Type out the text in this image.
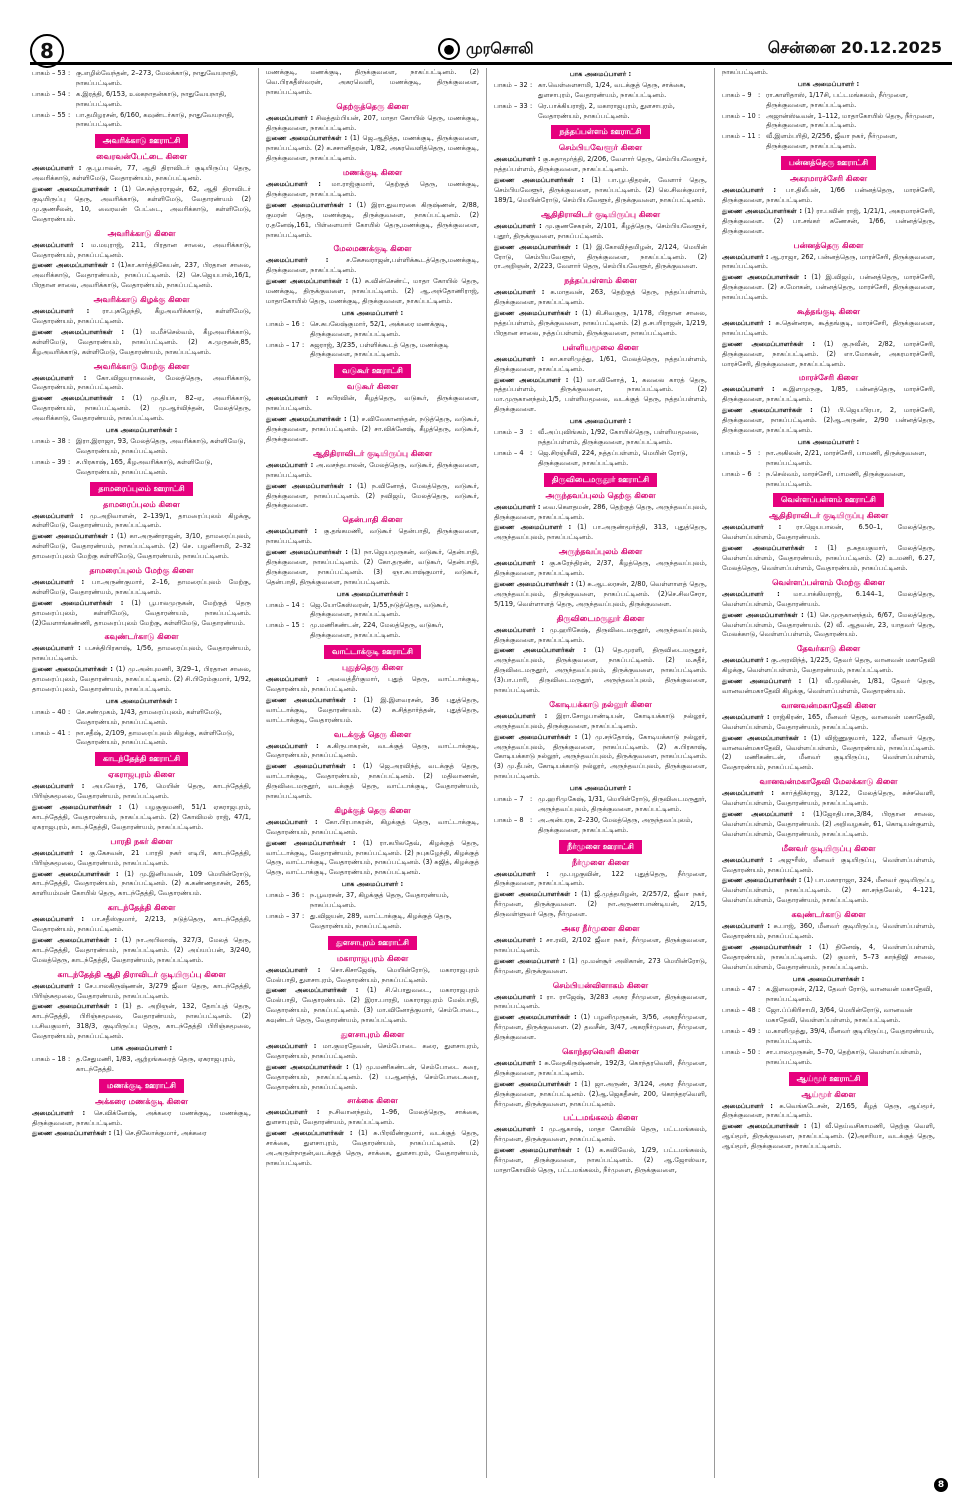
8	முரசொலி	சென்னை 20.12.2025
பாகம் – 53 : கு.எழில்வேந்தன், 2–273, மேலக்காடு, நாதுவேயநாதி, நாகப்பட்டினம்.
பாகம் – 54 : க.இரத்தி, 6/153, உலகநாதன்காடு, நாதுவேயநாதி, நாகப்பட்டினம்.
பாகம் – 55 : பா.தமிழரசன், 6/160, கவுண்டர்காடு, நாதுவேயநாதி, நாகப்பட்டினம்.
அவரிக்காடு ஊராட்சி
வைரவன்பேட்டை கிளை
அமைப்பாளர் : கு.பூபாலன், 77, ஆதி திராவிடர் குடியிருப்பு தெரு, அவரிக்காடு, கள்ளிமேடு, வேதாரண்யம், நாகப்பட்டினம்.
துணை அமைப்பாளர்கள் : (1) செ.சுந்தரராஜன், 62, ஆதி திராவிடர் குடியிருப்பு தெரு, அவரிக்காடு, கள்ளிமேடு, வேதாரண்யம் (2) மு.குணசீலன், 10, வைரவன் பேட்டை, அவரிக்காடு, கள்ளிமேடு, வேதாரண்யம்.
அவரிக்காடு கிளை
அமைப்பாளர் : ம.மயுராஜ், 211, பிரதான சாலை, அவரிக்காடு, வேதாரண்யம், நாகப்பட்டினம்.
துணை அமைப்பாளர்கள் : (1)கா.கார்த்திகேயன், 237, பிரதான சாலை, அவரிக்காடு, வேதாரண்யம், நாகப்பட்டினம். (2) செ.ஜெயபால்,16/1, பிரதான சாலை, அவரிக்காடு, வேதாரண்யம், நாகப்பட்டினம்.
அவரிக்காடு கிழக்கு கிளை
அமைப்பாளர் : ரா.புகழேந்தி, கீழஅவரிக்காடு, கள்ளிமேடு, வேதாரண்யம், நாகப்பட்டினம்.
துணை அமைப்பாளர்கள் : (1) ம.மீச்செல்வம், கீழஅவரிக்காடு, கள்ளிமேடு, வேதாரண்யம், நாகப்பட்டினம். (2) க.முருகன்,85, கீழஅவரிக்காடு, கள்ளிமேடு, வேதாரண்யம், நாகப்பட்டினம்.
அவரிக்காடு மேற்கு கிளை
அமைப்பாளர் : கோ.விஜயராகவன், மேலத்தெரு, அவரிக்காடு, வேதாரண்யம், நாகப்பட்டினம்.
துணை அமைப்பாளர்கள் : (1) மு.தியா, 82–ஏ, அவரிக்காடு, வேதாரண்யம், நாகப்பட்டினம். (2) மு.ஆர்விந்தன், மேலத்தெரு, அவரிக்காடு, வேதாரண்யம், நாகப்பட்டினம்.
பாக அமைப்பாளர்கள் :
பாகம் – 38 : இரா.இராஜா, 93, மேலத்தெரு, அவரிக்காடு, கள்ளிமேடு, வேதாரண்யம், நாகப்பட்டினம்.
பாகம் – 39 : ச.பிரகாஷ், 165, கீழஅவரிக்காடு, கள்ளிமேடு, வேதாரண்யம், நாகப்பட்டினம்.
தாமரைப்புலம் ஊராட்சி
தாமரைப்புலம் கிளை
அமைப்பாளர் : மு.அறிவாளன், 2–139/1, தாமரைப்புலம் கிழக்கு, கள்ளிமேடு, வேதாரண்யம், நாகப்பட்டினம்.
துணை அமைப்பாளர்கள் : (1) கா.அருண்ராஜன், 3/10, தாமரைப்புலம், கள்ளிமேடு, வேதாரண்யம், நாகப்பட்டினம். (2) செ. பழனிசாமி, 2–32 தாமரைப்புலம் மேற்கு கள்ளிமேடு, வேதாரண்யம், நாகப்பட்டினம்.
தாமரைப்புலம் மேற்கு கிளை
அமைப்பாளர் : பா.அருண்குமார், 2–16, தாமரைப்புலம் மேற்கு, கள்ளிமேடு, வேதாரண்யம், நாகப்பட்டினம்.
துணை அமைப்பாளர்கள் : (1) பூபாலமுருகன், மேற்குத் தெரு தாமரைப்புலம், கள்ளிமேடு, வேதாரண்யம், நாகப்பட்டினம். (2)வேளாங்கண்ணி, தாமரைப்புலம் மேற்கு, கள்ளிமேடு, வேதாரண்யம்.
கவுண்டர்காடு கிளை
அமைப்பாளர் : ப.சக்திபிரகாஷ், 1/56, தாமரைப்புலம், வேதாரண்யம், நாகப்பட்டினம்.
துணை அமைப்பாளர்கள் : (1) மு.அன்புமணி, 3/29–1, பிரதான சாலை, தாமரைப்புலம், வேதாரண்யம், நாகப்பட்டினம். (2) சி.பிரேம்குமார், 1/92, தாமரைப்புலம், வேதாரண்யம், நாகப்பட்டினம்.
பாக அமைப்பாளர்கள் :
பாகம் – 40 : செ.சண்முகம், 1/43, தாமரைப்புலம், கள்ளிமேடு, வேதாரண்யம், நாகப்பட்டினம்.
பாகம் – 41 : நா.சதீஷ், 2/109, தாமரைப்புலம் கிழக்கு, கள்ளிமேடு, வேதாரண்யம், நாகப்பட்டினம்.
காடந்தேத்தி ஊராட்சி
ஏகராஜபுரம் கிளை
அமைப்பாளர் : அயலோத், 176, மெயின் தெரு, காடந்தேத்தி, பிரிஞ்சுமூலை, வேதாரண்யம், நாகப்பட்டினம்.
துணை அமைப்பாளர்கள் : (1) பழகுகுமணி, 51/1 ஏகராஜபுரம், காடந்தேத்தி, வேதாரண்யம், நாகப்பட்டினம். (2) கோவிமல் ராஜ், 47/1, ஏகராஜபுரம், காடந்தேத்தி, வேதாரண்யம், நாகப்பட்டினம்.
பாரதி நகர் கிளை
அமைப்பாளர் : கு.கேசவன், 21 பாரதி நகர் எடிபி, காடந்தேத்தி, பிரிஞ்சுமூலை, வேதாரண்யம், நாகப்பட்டினம்.
துணை அமைப்பாளர்கள் : (1) மு.இனியவன், 109 மெயின்ரோடு, காடந்தேத்தி, வேதாரண்யம், நாகப்பட்டினம். (2) க.கண்ணதாசன், 265, காளியம்மன் கோயில் தெரு, காடந்தேத்தி, வேதாரண்யம்.
காடந்தேத்தி கிளை
அமைப்பாளர் : பா.சதீஸ்குமார், 2/213, நடுத்தெரு, காடந்தேத்தி, வேதாரண்யம், நாகப்பட்டினம்.
துணை அமைப்பாளர்கள் : (1) நா.அபிலாஷ், 327/3, மேலத் தெரு, காடந்தேத்தி, வேதாரண்யம், நாகப்பட்டினம். (2) அய்யப்பன், 3/240, மேலத்தெரு, காடந்தேத்தி, வேதாரண்யம், நாகப்பட்டினம்.
காடந்தேத்தி ஆதி திராவிடர் குடியிருப்பு கிளை
அமைப்பாளர் : சே.பாலகிருஷ்ணன், 3/279 ஜீவா தெரு, காடந்தேத்தி, பிரிஞ்சுமூலை, வேதாரண்யம், நாகப்பட்டினம்.
துணை அமைப்பாளர்கள் : (1) த. அறிஞன், 132, தோப்புத் தெரு, காடந்தேத்தி, பிரிஞ்சுமூலை, வேதாரண்யம், நாகப்பட்டினம். (2) ப.சிவகுமார், 318/3, குடியிருப்பு தெரு, காடந்தேத்தி பிரிஞ்சுமூலை, வேதாரண்யம், நாகப்பட்டினம்.
பாக அமைப்பாளர் :
பாகம் – 18 : த.சேதுமணி, 1/83, ஆற்றங்கரைத் தெரு, ஏகராஜபுரம், காடந்தேத்தி.
மணக்குடி ஊராட்சி
அக்கரை மணக்குடி கிளை
அமைப்பாளர் : செ.விக்னேஷ், அக்கரை மணக்குடி, மணக்குடி, திருக்குவளை, நாகப்பட்டினம்.
துணை அமைப்பாளர்கள் : (1) செ.திலோக்குமார், அக்கரை
மணக்குடி, மணக்குடி, திருக்குவளை, நாகப்பட்டினம். (2) வெ.பிரகதீஸ்வரன், அகரவெளி, மணக்குடி, திருக்குவளை, நாகப்பட்டினம்.
தெற்குத்தெரு கிளை
அமைப்பாளர் : சிலத்தம்பியன், 207, மாதா கோயில் தெரு, மணக்குடி, திருக்குவளை, நாகப்பட்டினம்.
துணை அமைப்பாளர்கள் : (1) ஜெ.ஆதித்த, மணக்குடி, திருக்குவளை, நாகப்பட்டினம். (2) க.சசானிதரன், 1/82, அகரவெளித்தெரு, மணக்குடி, திருக்குவளை, நாகப்பட்டினம்.
மணக்குடி கிளை
அமைப்பாளர் : மா.ராஜ்குமார், தெற்குத் தெரு, மணக்குடி, திருக்குவளை, நாகப்பட்டினம்.
துணை அமைப்பாளர்கள் : (1) இரா.துவாரகை கிருஷ்ணன், 2/88, குமரன் தெரு, மணக்குடி, திருக்குவளை, நாகப்பட்டினம். (2) ர.தனேஷ்,161, பிள்ளையார் கோயில் தெரு,மணக்குடி, திருக்குவளை, நாகப்பட்டினம்.
மேலமணக்குடி கிளை
அமைப்பாளர் :	ச.கேசவராஜன்,பள்ளிக்கூடத்தெரு,மணக்குடி, திருக்குவளை, நாகப்பட்டினம்.
துணை அமைப்பாளர்கள் : (1) சு.வின்செண்ட், மாதா கோயில் தெரு, மணக்குடி, திருக்குவளை, நாகப்பட்டினம். (2) ஆ.அந்தோணிராஜ், மாதாகோயில் தெரு, மணக்குடி, திருக்குவளை, நாகப்பட்டினம்.
பாக அமைப்பாளர் :
பாகம் – 16 : செ.சுபலேஷ்குமார், 52/1, அக்கரை மணக்குடி, திருக்குவளை, நாகப்பட்டினம்.
பாகம் – 17 : சுஜராஜ், 3/235, பள்ளிக்கூடத் தெரு, மணக்குடி திருக்குவளை, நாகப்பட்டினம்.
வடுகூர் ஊராட்சி
வடுகூர் கிளை
அமைப்பாளர் : சுபிரவின், கீழத்தெரு, வடுகூர், திருக்குவளை, நாகப்பட்டினம்.
துணை அமைப்பாளர்கள் : (1) ச.விவேகானந்தன், நடுத்தெரு, வடுகூர், திருக்குவளை, நாகப்பட்டினம். (2) சா.விக்னேஷ், கீழத்தெரு, வடுகூர், திருக்குவளை.
ஆதிதிராவிடர் குடியிருப்பு கிளை
அமைப்பாளர் : அ.வசந்தபாலன், மேலத்தெரு, வடுகூர், திருக்குவளை, நாகப்பட்டினம்.
துணை அமைப்பாளர்கள் : (1) ந.வினோத், மேலத்தெரு, வடுகூர், திருக்குவளை, நாகப்பட்டினம். (2) நவிஜய், மேலத்தெரு, வடுகூர், திருக்குவளை.
தென்பாதி கிளை
அமைப்பாளர் : கு.தங்கமணி, வடுகூர் தென்பாதி, திருக்குவளை, நாகப்பட்டினம்.
துணை அமைப்பாளர்கள் : (1) நா.ஜெயமுருகன், வடுகூர், தென்பாதி, திருக்குவளை, நாகப்பட்டினம். (2) கோ.தருண், வடுகூர், தென்பாதி, திருக்குவளை, நாகப்பட்டினம். (3) ஞா.சுபாஷ்குமார், வடுகூர், தென்பாதி, திருக்குவளை, நாகப்பட்டினம்.
பாக அமைப்பாளர்கள் :
பாகம் – 14 : ஜெ.யோகேஸ்வரன், 1/55,நடுத்தெரு, வடுகூர், திருக்குவளை, நாகப்பட்டினம்.
பாகம் – 15 : மு.மணிகண்டன், 224, மேலத்தெரு, வடுகூர், திருக்குவளை, நாகப்பட்டினம்.
வாட்டாக்குடி ஊராட்சி
புதுத்தெரு கிளை
அமைப்பாளர் : அவைத்தீர்குமார், புதுத் தெரு, வாட்டாக்குடி, வேதாரண்யம், நாகப்பட்டினம்.
துணை அமைப்பாளர்கள் : (1) இ.இளவரசன், 36 புதுத்தெரு, வாட்டாக்குடி, வேதாரண்யம். (2) சு.சித்தார்த்தன், புதுத்தெரு, வாட்டாக்குடி, வேதாரண்யம்.
வடக்குத் தெரு கிளை
அமைப்பாளர் : க.கிருபாகரன், வடக்குத் தெரு, வாட்டாக்குடி, வேதாரண்யம், நாகப்பட்டினம்.
துணை அமைப்பாளர்கள் : (1) ஜெ.அரவிந்த், வடக்குத் தெரு, வாட்டாக்குடி, வேதாரண்யம், நாகப்பட்டினம். (2) மதிவாணன், திருவிடைமருதூர், வடக்குத் தெரு, வாட்டாக்குடி, வேதாரண்யம், நாகப்பட்டினம்.
கிழக்குத் தெரு கிளை
அமைப்பாளர் : கோ.பிரபாகரன், கிழக்குத் தெரு, வாட்டாக்குடி, வேதாரண்யம், நாகப்பட்டினம்.
துணை அமைப்பாளர்கள் : (1) ரா.கபிலதேவ், கிழக்குத் தெரு, வாட்டாக்குடி, வேதாரண்யம், நாகப்பட்டினம். (2) நபுகழேந்தி, கிழக்குத் தெரு, வாட்டாக்குடி, வேதாரண்யம், நாகப்பட்டினம். (3) சுஜித், கிழக்குத் தெரு, வாட்டாக்குடி, வேதாரண்யம், நாகப்பட்டினம்.
பாக அமைப்பாளர் :
பாகம் – 36 : ந.பூவரசன், 37, கிழக்குத் தெரு, வேதாரண்யம், நாகப்பட்டினம்.
பாகம் – 37 : து.விஜயன், 289, வாட்டாக்குடி, கிழக்குத் தெரு, வேதாரண்யம், நாகப்பட்டினம்.
துளசாபுரம் ஊராட்சி
மகாராஜபுரம் கிளை
அமைப்பாளர் : சொ.கிசாஜேஷ், மெயின்ரோடு, மகாராஜபுரம் மேல்பாதி, துளசாபுரம், வேதாரண்யம், நாகப்பட்டினம்.
துணை அமைப்பாளர்கள் : (1) சி.பொதுவடை, மகாராஜபுரம் மேல்பாதி, வேதாரண்யம். (2) இரா.பாரதி, மகாராஜபுரம் மேல்பாதி, வேதாரண்யம், நாகப்பட்டினம். (3) மா.வினோத்குமார், செம்போடை, கவுண்டர் தெரு, வேதாரண்யம், நாகப்பட்டினம்.
துளசாபுரம் கிளை
அமைப்பாளர் : மா.குமரதேவன், செம்போடை கரை, துளசாபுரம், வேதாரண்யம், நாகப்பட்டினம்.
துணை அமைப்பாளர்கள் : (1) மு.மணிகண்டன், செம்போடை கரை, வேதாரண்யம், நாகப்பட்டினம். (2) ப.ஆனந்த், செம்போடைகரை, வேதாரண்யம், நாகப்பட்டினம்.
சாக்கை கிளை
அமைப்பாளர் : ந.சிவானந்தம், 1–96, மேலத்தெரு, சாக்கை, துளசாபுரம், வேதாரண்யம், நாகப்பட்டினம்.
துணை அமைப்பாளர்கள் : (1) சு.பிரவீண்குமார், வடக்குத் தெரு, சாக்கை, துளசாபுரம், வேதாரண்யம், நாகப்பட்டினம். (2) அ.அருள்நாதன்,வடக்குத் தெரு, சாக்கை, துளசாபுரம், வேதாரண்யம், நாகப்பட்டினம்.
பாக அமைப்பாளர் :
பாகம் – 32 : கா.வெள்ளைசாமி, 1/24, வடக்குத் தெரு, சாக்கை, துளசாபுரம், வேதாரண்யம், நாகப்பட்டினம்.
பாகம் – 33 : ரெ.பாக்கியராஜ், 2, மகாராஜபுரம், துளசாபுரம், வேதாரண்யம், நாகப்பட்டினம்.
நத்தப்பள்ளம் ஊராட்சி
செம்பியவேளூர் கிளை
அமைப்பாளர் : கு.சுதாமூர்த்தி, 2/206, வேளார் தெரு, செம்பியவேளூர், நத்தப்பள்ளம், திருக்குவளை, நாகப்பட்டினம்.
துணை அமைப்பாளர்கள் : (1) பா.பூபதிதரன், வேளார் தெரு, செம்பியவேளூர், திருக்குவளை, நாகப்பட்டினம். (2) லெ.சிவக்குமார், 189/1, மெயின்ரோடு, செம்பியவேளூர், திருக்குவளை, நாகப்பட்டினம்.
ஆதிதிராவிடர் குடியிருப்பு கிளை
அமைப்பாளர் : மு.குணசேகரன், 2/101, கீழத்தெரு, செம்பியவேளூர், புதூர், திருக்குவளை, நாகப்பட்டினம்.
துணை அமைப்பாளர்கள் : (1) இ.கோவிந்தமிழன், 2/124, மெயின் ரோடு, செம்பியவேளூர், திருக்குவளை, நாகப்பட்டினம். (2) ரா.அறிஞன், 2/223, வேளார் தெரு, செம்பியவேளூர், திருக்குவளை.
நத்தப்பள்ளம் கிளை
அமைப்பாளர் : க.மாதவன், 263, தெற்குத் தெரு, நத்தப்பள்ளம், திருக்குவளை, நாகப்பட்டினம்.
துணை அமைப்பாளர்கள் : (1) கி.சிவகுரு, 1/178, பிரதான சாலை, நத்தப்பள்ளம், திருக்குவளை, நாகப்பட்டினம். (2) த.சபரிராஜன், 1/219, பிரதான சாலை, நத்தப்பள்ளம், திருக்குவளை, நாகப்பட்டினம்.
பள்ளியமூலை கிளை
அமைப்பாளர் : கா.காளிமுத்து, 1/61, மேலத்தெரு, நத்தப்பள்ளம், திருக்குவளை, நாகப்பட்டினம்.
துணை அமைப்பாளர் : (1) மா.வினோத், 1, கவலை காரத் தெரு, நத்தப்பள்ளம், திருக்குவளை, நாகப்பட்டினம். (2) மா.முருகானந்தம்,1/5, பள்ளியமூலை, வடக்குத் தெரு, நத்தப்பள்ளம், திருக்குவளை.
பாக அமைப்பாளர் :
பாகம் – 3 : வீ.அப்புவிங்கம், 1/92, கோயில்தெரு, பள்ளியமூலை, நத்தப்பள்ளம், திருக்குவளை, நாகப்பட்டினம்.
பாகம் – 4 : ஜெ.சிரஞ்சீவி, 224, நத்தப்பள்ளம், மெயின் ரோடு, திருக்குவளை, நாகப்பட்டினம்.
திருவிடைமருதூர் ஊராட்சி
அருந்தவப்புலம் தெற்கு கிளை
அமைப்பாளர் : வை.கௌதமன், 286, தெற்குத் தெரு, அருந்தவப்புலம், திருக்குவளை, நாகப்பட்டினம்.
துணை அமைப்பாளர் : (1) பா.அருண்மூர்த்தி, 313, புதுத்தெரு, அருந்தவப்புலம், நாகப்பட்டினம்.
அருந்தவப்புலம் கிளை
அமைப்பாளர் : கு.சுரேந்திரன், 2/37, கீழத்தெரு, அருந்தவப்புலம், திருக்குவளை, நாகப்பட்டினம்.
துணை அமைப்பாளர்கள் : (1) சு.ஆடலரசன், 2/80, வெள்ளாளத் தெரு, அருந்தவப்புலம், திருக்குவளை, நாகப்பட்டினம். (2)செ.சிவசேரா, 5/119, வெள்ளாளத் தெரு, அருந்தவப்புலம், திருக்குவளை.
திருவிடைமருதூர் கிளை
அமைப்பாளர் : மு.ஹரிகேஷ், திருவிடைமருதூர், அருந்தவப்புலம், திருக்குவளை, நாகப்பட்டினம்.
துணை அமைப்பாளர்கள் : (1) தெ.முரளி, திருவிடைமருதூர், அருந்தவப்புலம், திருக்குவளை, நாகப்பட்டினம். (2) ம.சுதீர், திருவிடைமருதூர், அருந்தவப்புலம், திருக்குவளை, நாகப்பட்டினம். (3)பா.பாரி, திருவிடைமருதூர், அருந்தவப்புலம், திருக்குவளை, நாகப்பட்டினம்.
கோடியக்காடு நல்லூர் கிளை
அமைப்பாளர் : இரா.சோழபாண்டியன், கோடியக்காடு நல்லூர், அருந்தவப்புலம், திருக்குவளை, நாகப்பட்டினம்.
துணை அமைப்பாளர்கள் : (1) மு.சந்தோஷ், கோடியக்காடு நல்லூர், அருந்தவப்புலம், திருக்குவளை, நாகப்பட்டினம். (2) க.பிரகாஷ், கோடியக்காடு நல்லூர், அருந்தவப்புலம், திருக்குவளை, நாகப்பட்டினம். (3) மு.தீபன், கோடியக்காடு நல்லூர், அருந்தவப்புலம், திருக்குவளை, நாகப்பட்டினம்.
பாக அமைப்பாளர் :
பாகம் – 7 : மு.ஹரிமுகேஷ், 1/31, மெயின்ரோடு, திருவிடைமருதூர், அருந்தவப்புலம், திருக்குவளை, நாகப்பட்டினம்.
பாகம் – 8 : அ.அன்பரசு, 2–230, மேலத்தெரு, அருந்தவப்புலம், திருக்குவளை, நாகப்பட்டினம்.
நீர்முளை ஊராட்சி
நீர்முளை கிளை
அமைப்பாளர் : மு.பழகுவின், 122 புதுத்தெரு, நீர்முளை, திருக்குவளை, நாகப்பட்டினம்.
துணை அமைப்பாளர்கள் : (1) ஜீ.முத்தமிழன், 2/257/2, ஜீவா நகர், நீர்முளை, திருக்குவளை. (2) நா.அருணாபாண்டியன், 2/15, திருவள்ளுவர் தெரு, நீர்முளை.
அகர நீர்முளை கிளை
அமைப்பாளர் : சா.ரவி, 2/102 ஜீவா நகர், நீர்முளை, திருக்குவளை, நாகப்பட்டினம்.
துணை அமைப்பாளர் : (1) மு.மன்சூர் அலிகான், 273 மெயின்ரோடு, நீர்முளை, திருக்குவளை.
செம்பியன்விளாகம் கிளை
அமைப்பாளர் : ரா. ராஜேஷ், 3/283 அகர நீர்முளை, திருக்குவளை, நாகப்பட்டினம்.
துணை அமைப்பாளர்கள் : (1) பழனிமுருகன், 3/56, அகரநீர்முளை, நீர்முளை, திருக்குவளை. (2) தவசீன், 3/47, அகரநீர்முளை, நீர்முளை, திருக்குவளை.
கொந்தரவெளி கிளை
அமைப்பாளர் : சு.வேதகிருஷ்ணன், 192/3, கொந்தரவெளி, நீர்முளை, திருக்குவளை, நாகப்பட்டினம்.
துணை அமைப்பாளர்கள் : (1) ஜா.அருண், 3/124, அகர நீர்முளை, திருக்குவளை, நாகப்பட்டினம். (2)ஆ.ஜெகதீசன், 200, கொந்தரவெளி, நீர்முளை, திருக்குவளை, நாகப்பட்டினம்.
பட்டமங்கலம் கிளை
அமைப்பாளர் : மு.ஆகாஷ், மாதா கோவில் தெரு, பட்டமங்கலம், நீர்முளை, திருக்குவளை, நாகப்பட்டினம்.
துணை அமைப்பாளர்கள் : (1) க.கவிவேல், 1/29, பட்டமங்கலம், நீர்முளை, திருக்குவளை, நாகப்பட்டினம். (2) ஆ.ஜோஸ்வா, மாதாகோவில் தெரு, பட்டமங்கலம், நீர்முளை, திருக்குவளை,
நாகப்பட்டினம்.
பாக அமைப்பாளர் :
பாகம் – 9 : ரா.காளிதாஸ், 1/17சி, பட்டமங்கலம், நீர்முளை, திருக்குவளை, நாகப்பட்டினம்.
பாகம் – 10 : அஜான்ஸ்டீவன், 1–112, மாதாகோயில் தெரு, நீர்முளை, திருக்குவளை, நாகப்பட்டினம்.
பாகம் – 11 : வீ.இளம்பரிதி, 2/256, ஜீவா நகர், நீர்முளை, திருக்குவளை, நாகப்பட்டினம்.
பன்னத்தெரு ஊராட்சி
அகரமாரச்சேரி கிளை
அமைப்பாளர் : பா.திலீபன், 1/66 பன்னத்தெரு, மாரச்சேரி, திருக்குவளை, நாகப்பட்டினம்.
துணை அமைப்பாளர்கள் : (1) ரா.பவின் ராஜ், 1/21/1, அகரமாரச்சேரி, திருக்குவளை. (2) பா.சங்கர் கணேசன், 1/66, பன்னத்தெரு, திருக்குவளை.
பன்னத்தெரு கிளை
அமைப்பாளர் : ஆ.ராஜா, 262, பன்னத்தெரு, மாரச்சேரி, திருக்குவளை, நாகப்பட்டினம்.
துணை அமைப்பாளர்கள் : (1) இ.விஜய், பன்னத்தெரு, மாரச்சேரி, திருக்குவளை. (2) ச.மோகன், பன்னத்தெரு, மாரச்சேரி, திருக்குவளை, நாகப்பட்டினம்.
கூத்தங்குடி கிளை
அமைப்பாளர் : சு.தென்னரசு, கூத்தங்குடி, மாரச்சேரி, திருக்குவளை, நாகப்பட்டினம்.
துணை அமைப்பாளர்கள் : (1) கு.நவீன், 2/82, மாரச்சேரி, திருக்குவளை, நாகப்பட்டினம். (2) எா.மோகன், அகரமாரச்சேரி, மாரச்சேரி, திருக்குவளை, நாகப்பட்டினம்.
மாரச்சேரி கிளை
அமைப்பாளர் : க.இளமுருகு, 1/85, பன்னத்தெரு, மாரச்சேரி, திருக்குவளை, நாகப்பட்டினம்.
துணை அமைப்பாளர்கள் : (1) பி.ஜெயபிரபா, 2, மாரச்சேரி, திருக்குவளை, நாகப்பட்டினம். (2)ஆ.அருண், 2/90 பன்னத்தெரு, திருக்குவளை, நாகப்பட்டினம்.
பாக அமைப்பாளர் :
பாகம் – 5 : நா.அகிலன், 2/21, மாரச்சேரி, பாமணி, திருக்குவளை, நாகப்பட்டினம்.
பாகம் – 6 : ந.செல்வம், மாரச்சேரி, பாமணி, திருக்குவளை, நாகப்பட்டினம்.
வெள்ளப்பள்ளம் ஊராட்சி
ஆதிதிராவிடர் குடியிருப்பு கிளை
அமைப்பாளர் : ரா.ஜெயபாலன், 6.50–1, மேலத்தெரு, வெள்ளப்பள்ளம், வேதாரண்யம்.
துணை அமைப்பாளர்கள் : (1) த.சுதயகுமார், மேலத்தெரு, வெள்ளப்பள்ளம், வேதாரண்யம், நாகப்பட்டினம். (2) உ.மணி, 6.27, மேலத்தெரு, வெள்ளப்பள்ளம், வேதாரண்யம், நாகப்பட்டினம்.
வெள்ளப்பள்ளம் மேற்கு கிளை
அமைப்பாளர் : மா.பாக்கியராஜ், 6.144–1, மேலத்தெரு, வெள்ளப்பள்ளம், வேதாரண்யம்.
துணை அமைப்பாளர்கள் : (1) செ.முருகானந்தம், 6/67, மேலத்தெரு, வெள்ளப்பள்ளம், வேதாரண்யம். (2) வீ. ஆதவன், 23, யாதவர் தெரு, மேலக்காடு, வெள்ளப்பள்ளம், வேதாரண்யம்.
தேவர்காடு கிளை
அமைப்பாளர் : கு.அரவிந்த், 1/225, தேவர் தெரு, வானவன் மகாதேவி கிழக்கு, வெள்ளப்பள்ளம், வேதாரண்யம், நாகப்பட்டினம்.
துணை அமைப்பாளர் : (1) வீ.முகிலன், 1/81, தேவர் தெரு, வானவன்மகாதேவி கிழக்கு, வெள்ளப்பள்ளம், வேதாரண்யம்.
வானவன்மகாதேவி கிளை
அமைப்பாளர் : ராஜ்கிரண், 165, மீனவர் தெரு, வானவன் மகாதேவி, வெள்ளப்பள்ளம், வேதாரண்யம், நாகப்பட்டினம்.
துணை அமைப்பாளர்கள் : (1) விஜ்ணுகுமார், 122, மீனவர் தெரு, வானவன்மகாதேவி, வெள்ளப்பள்ளம், வேதாரண்யம், நாகப்பட்டினம். (2) மணிகண்டன், மீனவர் குடியிருப்பு, வெள்ளப்பள்ளம், வேதாரண்யம், நாகப்பட்டினம்.
வானவன்மகாதேவி மேலக்காடு கிளை
அமைப்பாளர் : காா்த்திக்ராஜ, 3/122, மேலத்தெரு, சுச்சவெளி, வெள்ளப்பள்ளம், வேதாரண்யம், நாகப்பட்டினம்.
துணை அமைப்பாளர் : (1)ஜோதிபாசு,3/84, பிரதான சாலை, வெள்ளப்பள்ளம், வேதாரண்யம். (2) அறிவழகன், 61, கொடியன்குளம், வெள்ளப்பள்ளம், வேதாரண்யம், நாகப்பட்டினம்.
மீனவர் குடியிருப்பு கிளை
அமைப்பாளர் : அஜுரீஸ், மீனவர் குடியிருப்பு, வெள்ளப்பள்ளம், வேதாரண்யம், நாகப்பட்டினம்.
துணை அமைப்பாளர்கள் : (1) பா.மகாராஜா, 324, மீனவர் குடியிருப்பு, வெள்ளப்பள்ளம், நாகப்பட்டினம். (2) கா.சந்தவேல், 4–121, வெள்ளப்பள்ளம், வேதாரண்யம், நாகப்பட்டினம்.
கவுண்டர்காடு கிளை
அமைப்பாளர் : சு.பாஜ், 360, மீனவர் குடியிருப்பு, வெள்ளப்பள்ளம், வேதாரண்யம், நாகப்பட்டினம்.
துணை அமைப்பாளர்கள் : (1) தினேஷ், 4, வெள்ளப்பள்ளம், வேதாரண்யம், நாகப்பட்டினம். (2) குமார், 5–73 காந்திஜி சாலை, வெள்ளப்பள்ளம், வேதாரண்யம், நாகப்பட்டினம்.
பாக அமைப்பாளர்கள் :
பாகம் – 47 : க.இளவரசன், 2/12, தேவர் ரோடு, வானவன் மகாதேவி, நாகப்பட்டினம்.
பாகம் – 48 : ஜோ.ப்ப்கிரிசாமி, 3/64, மெயின்ரோடு, வானவன் மகாதேவி, வெள்ளப்பள்ளம், நாகப்பட்டினம்.
பாகம் – 49 : ம.காளிமுத்து, 39/4, மீனவர் குடியிருப்பு, வேதாரண்யம், நாகப்பட்டினம்.
பாகம் – 50 : சா.பாலமுருகன், 5–70, தெற்காடு, வெள்ளப்பள்ளம், நாகப்பட்டினம்.
ஆய்மூர் ஊராட்சி
ஆய்மூர் கிளை
அமைப்பாளர் : க.வெங்கடேசன், 2/165, கீழத் தெரு, ஆய்மூர், திருக்குவளை, நாகப்பட்டினம்.
துணை அமைப்பாளர்கள் : (1) வீ.தெய்வசிகாமணி, தெற்கு வெளி, ஆய்மூர், திருக்குவளை, நாகப்பட்டினம். (2)அசரியா, வடக்குத் தெரு, ஆய்மூர், திருக்குவளை, நாகப்பட்டினம்.
8
